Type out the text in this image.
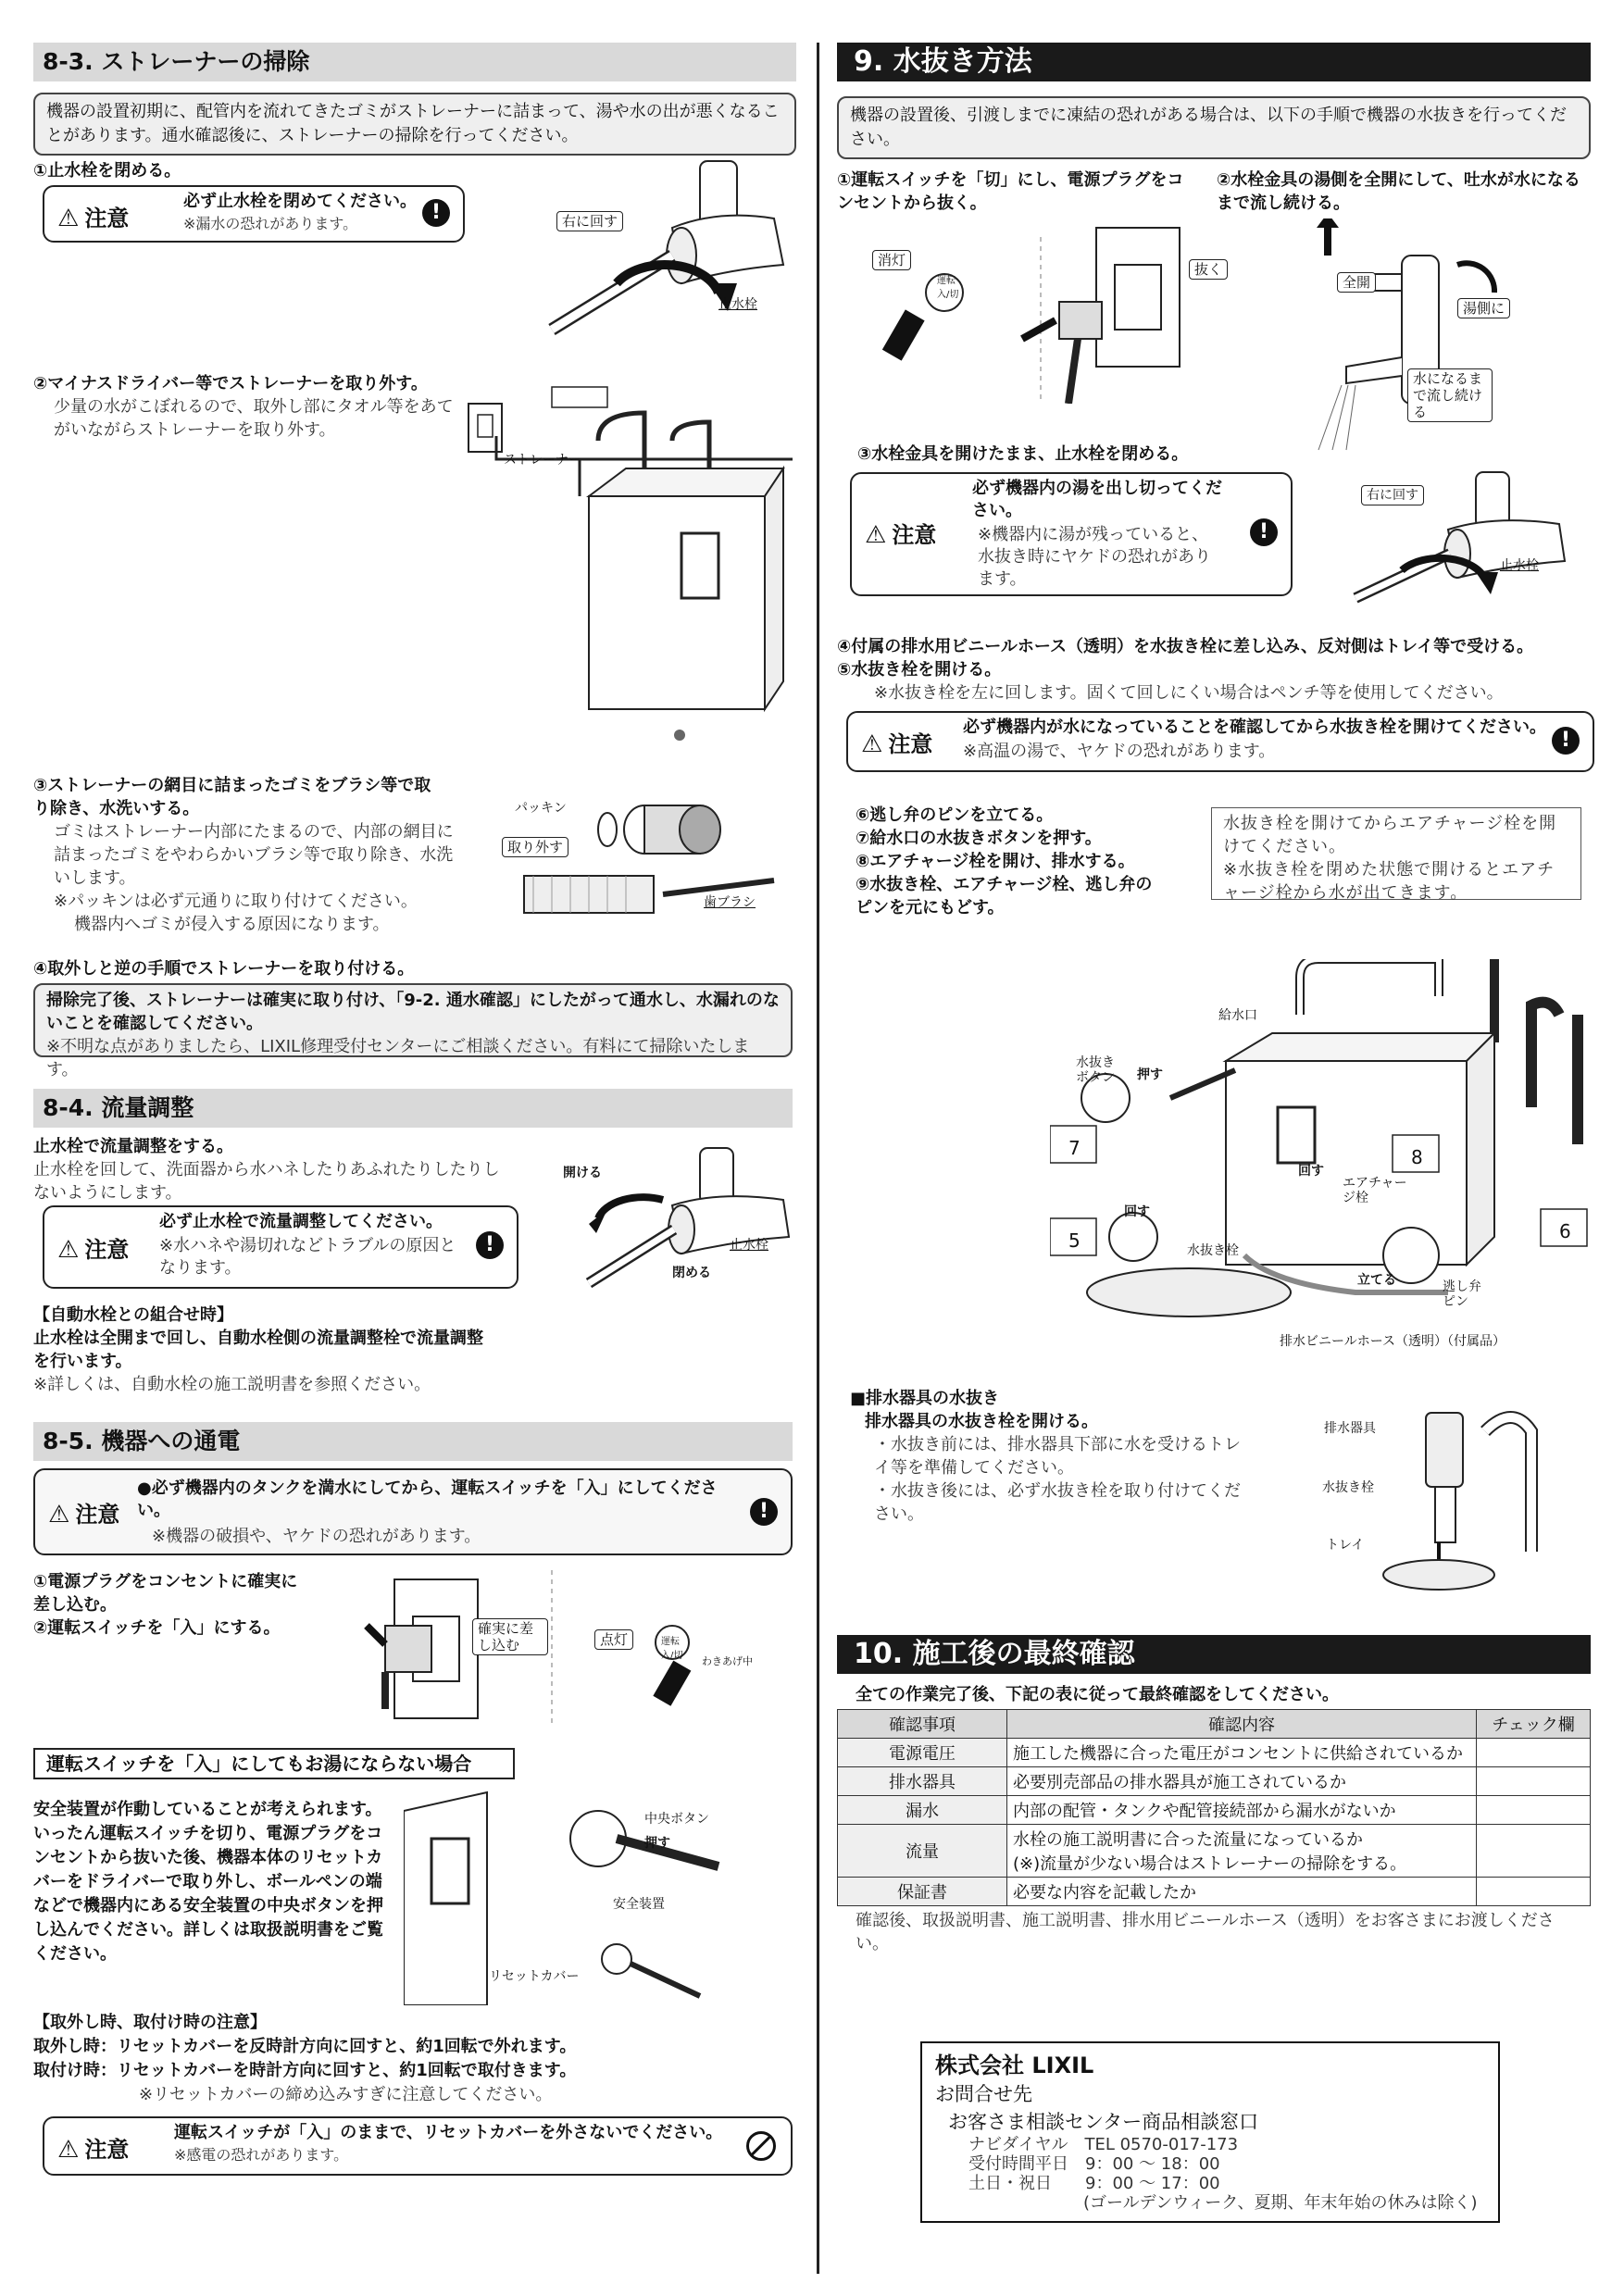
8-3. ストレーナーの掃除
機器の設置初期に、配管内を流れてきたゴミがストレーナーに詰まって、湯や水の出が悪くなることがあります。通水確認後に、ストレーナーの掃除を行ってください。
①止水栓を閉める。
⚠ 注意
必ず止水栓を閉めてください。
※漏水の恐れがあります。	!	右に回す
止水栓
②マイナスドライバー等でストレーナーを取り外す。
少量の水がこぼれるので、取外し部にタオル等をあてがいながらストレーナーを取り外す。
ストレーナー
③ストレーナーの網目に詰まったゴミをブラシ等で取り除き、水洗いする。
ゴミはストレーナー内部にたまるので、内部の網目に詰まったゴミをやわらかいブラシ等で取り除き、水洗いします。
※パッキンは必ず元通りに取り付けてください。
機器内へゴミが侵入する原因になります。
パッキン
取り外す
歯ブラシ
④取外しと逆の手順でストレーナーを取り付ける。
掃除完了後、ストレーナーは確実に取り付け、「9-2. 通水確認」にしたがって通水し、水漏れのないことを確認してください。
※不明な点がありましたら、LIXIL修理受付センターにご相談ください。有料にて掃除いたします。
8-4. 流量調整
止水栓で流量調整をする。
止水栓を回して、洗面器から水ハネしたりあふれたりしたりしないようにします。
⚠ 注意
必ず止水栓で流量調整してください。
※水ハネや湯切れなどトラブルの原因となります。
!
開ける
閉める
止水栓
【自動水栓との組合せ時】
止水栓は全開まで回し、自動水栓側の流量調整栓で流量調整を行います。
※詳しくは、自動水栓の施工説明書を参照ください。
8-5. 機器への通電
⚠ 注意
●必ず機器内のタンクを満水にしてから、運転スイッチを「入」にしてください。
※機器の破損や、ヤケドの恐れがあります。
!
①電源プラグをコンセントに確実に差し込む。
②運転スイッチを「入」にする。	確実に差し込む	点灯	運転 入/切	わきあげ中
運転スイッチを「入」にしてもお湯にならない場合
安全装置が作動していることが考えられます。いったん運転スイッチを切り、電源プラグをコンセントから抜いた後、機器本体のリセットカバーをドライバーで取り外し、ボールペンの端などで機器内にある安全装置の中央ボタンを押し込んでください。詳しくは取扱説明書をご覧ください。
中央ボタン
押す
安全装置
リセットカバー
【取外し時、取付け時の注意】
取外し時：リセットカバーを反時計方向に回すと、約1回転で外れます。
取付け時：リセットカバーを時計方向に回すと、約1回転で取付きます。
※リセットカバーの締め込みすぎに注意してください。
⚠ 注意
運転スイッチが「入」のままで、リセットカバーを外さないでください。
※感電の恐れがあります。
9. 水抜き方法
機器の設置後、引渡しまでに凍結の恐れがある場合は、以下の手順で機器の水抜きを行ってください。
①運転スイッチを「切」にし、電源プラグをコンセントから抜く。
②水栓金具の湯側を全開にして、吐水が水になるまで流し続ける。
消灯
運転 入/切
抜く
全開
湯側に
水になるまで流し続ける
③水栓金具を開けたまま、止水栓を閉める。
⚠ 注意
必ず機器内の湯を出し切ってください。
※機器内に湯が残っていると、水抜き時にヤケドの恐れがあります。
!
右に回す
止水栓
④付属の排水用ビニールホース（透明）を水抜き栓に差し込み、反対側はトレイ等で受ける。
⑤水抜き栓を開ける。
※水抜き栓を左に回します。固くて回しにくい場合はペンチ等を使用してください。
⚠ 注意
必ず機器内が水になっていることを確認してから水抜き栓を開けてください。
※高温の湯で、ヤケドの恐れがあります。	!
⑥逃し弁のピンを立てる。
⑦給水口の水抜きボタンを押す。
⑧エアチャージ栓を開け、排水する。
⑨水抜き栓、エアチャージ栓、逃し弁のピンを元にもどす。
水抜き栓を開けてからエアチャージ栓を開けてください。
※水抜き栓を閉めた状態で開けるとエアチャージ栓から水が出てきます。
給水口
水抜きボタン	押す
7
5
8
6
回す
回す
エアチャージ栓
水抜き栓
立てる	逃し弁ピン
排水ビニールホース（透明）（付属品）
■排水器具の水抜き
排水器具の水抜き栓を開ける。
・水抜き前には、排水器具下部に水を受けるトレイ等を準備してください。
・水抜き後には、必ず水抜き栓を取り付けてください。
排水器具
水抜き栓
トレイ
10. 施工後の最終確認
全ての作業完了後、下記の表に従って最終確認をしてください。
確認事項	確認内容	チェック欄
電源電圧	施工した機器に合った電圧がコンセントに供給されているか	
排水器具	必要別売部品の排水器具が施工されているか	
漏水	内部の配管・タンクや配管接続部から漏水がないか	
流量	水栓の施工説明書に合った流量になっているか
(※)流量が少ない場合はストレーナーの掃除をする。	

保証書	必要な内容を記載したか	
確認後、取扱説明書、施工説明書、排水用ビニールホース（透明）をお客さまにお渡しください。
株式会社 LIXIL
お問合せ先
お客さま相談センター商品相談窓口
ナビダイヤル　TEL 0570-017-173
受付時間平日　9：00 ～ 18：00
土日・祝日　　9：00 ～ 17：00
(ゴールデンウィーク、夏期、年末年始の休みは除く)
